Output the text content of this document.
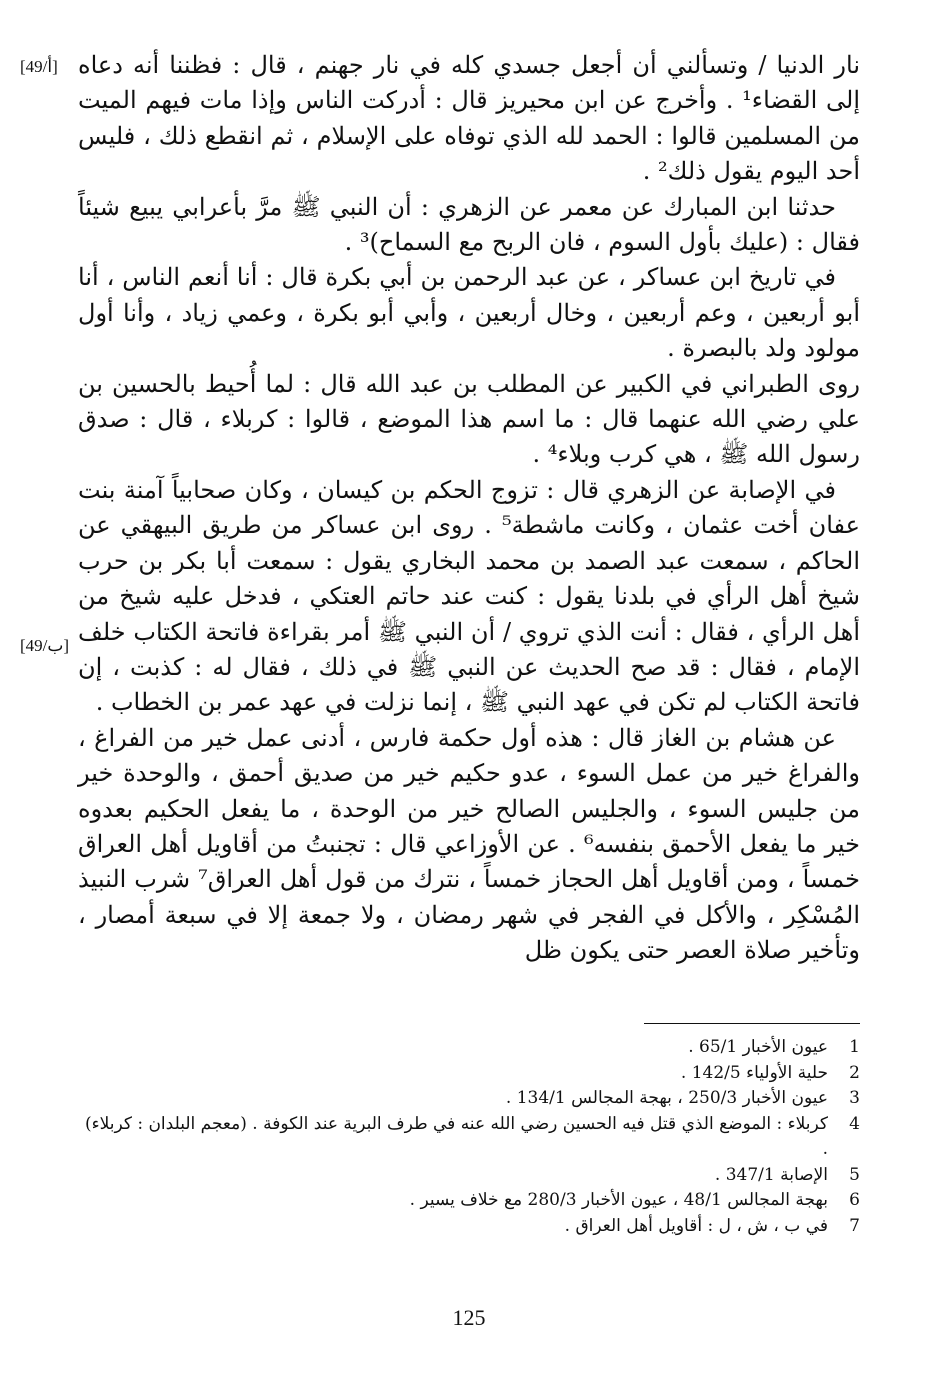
[49/أ]
[49/ب]

نار الدنيا / وتسألني أن أجعل جسدي كله في نار جهنم ، قال : فظننا أنه دعاه إلى القضاء¹ . وأخرج عن ابن محيريز قال : أدركت الناس وإذا مات فيهم الميت من المسلمين قالوا : الحمد لله الذي توفاه على الإسلام ، ثم انقطع ذلك ، فليس أحد اليوم يقول ذلك² .

حدثنا ابن المبارك عن معمر عن الزهري : أن النبي ﷺ مرَّ بأعرابي يبيع شيئاً فقال : (عليك بأول السوم ، فان الربح مع السماح)³ .

في تاريخ ابن عساكر ، عن عبد الرحمن بن أبي بكرة قال : أنا أنعم الناس ، أنا أبو أربعين ، وعم أربعين ، وخال أربعين ، وأبي أبو بكرة ، وعمي زياد ، وأنا أول مولود ولد بالبصرة .

روى الطبراني في الكبير عن المطلب بن عبد الله قال : لما أُحيط بالحسين بن علي رضي الله عنهما قال : ما اسم هذا الموضع ، قالوا : كربلاء ، قال : صدق رسول الله ﷺ ، هي كرب وبلاء⁴ .

في الإصابة عن الزهري قال : تزوج الحكم بن كيسان ، وكان صحابياً آمنة بنت عفان أخت عثمان ، وكانت ماشطة⁵ . روى ابن عساكر من طريق البيهقي عن الحاكم ، سمعت عبد الصمد بن محمد البخاري يقول : سمعت أبا بكر بن حرب شيخ أهل الرأي في بلدنا يقول : كنت عند حاتم العتكي ، فدخل عليه شيخ من أهل الرأي ، فقال : أنت الذي تروي / أن النبي ﷺ أمر بقراءة فاتحة الكتاب خلف الإمام ، فقال : قد صح الحديث عن النبي ﷺ في ذلك ، فقال له : كذبت ، إن فاتحة الكتاب لم تكن في عهد النبي ﷺ ، إنما نزلت في عهد عمر بن الخطاب .

عن هشام بن الغاز قال : هذه أول حكمة فارس ، أدنى عمل خير من الفراغ ، والفراغ خير من عمل السوء ، عدو حكيم خير من صديق أحمق ، والوحدة خير من جليس السوء ، والجليس الصالح خير من الوحدة ، ما يفعل الحكيم بعدوه خير ما يفعل الأحمق بنفسه⁶ . عن الأوزاعي قال : تجنبتُ من أقاويل أهل العراق خمساً ، ومن أقاويل أهل الحجاز خمساً ، نترك من قول أهل العراق⁷ شرب النبيذ المُسْكِر ، والأكل في الفجر في شهر رمضان ، ولا جمعة إلا في سبعة أمصار ، وتأخير صلاة العصر حتى يكون ظل

1
عيون الأخبار 65/1 .
2
حلية الأولياء 142/5 .
3
عيون الأخبار 250/3 ، بهجة المجالس 134/1 .
4
كربلاء : الموضع الذي قتل فيه الحسين رضي الله عنه في طرف البرية عند الكوفة . (معجم البلدان : كربلاء) .
5
الإصابة 347/1 .
6
بهجة المجالس 48/1 ، عيون الأخبار 280/3 مع خلاف يسير .
7
في ب ، ش ، ل : أقاويل أهل العراق .
125
